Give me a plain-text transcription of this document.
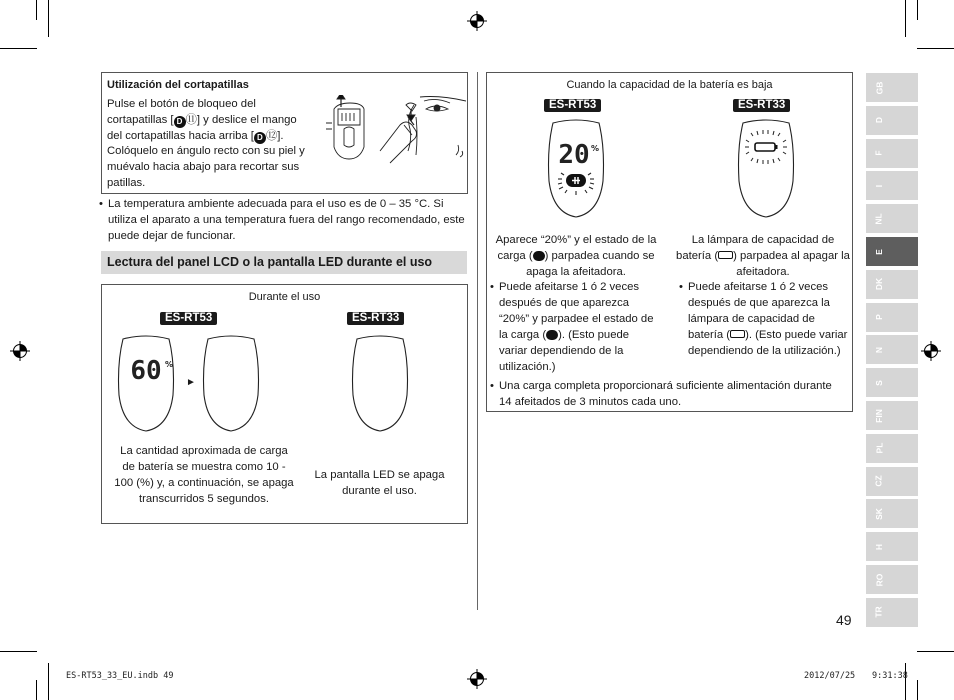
Utilización del cortapatillas
Pulse el botón de bloqueo del cortapatillas [ D ⑪] y deslice el mango del cortapatillas hacia arriba [ D ⑫]. Colóquelo en ángulo recto con su piel y muévalo hacia abajo para recortar sus patillas.
• La temperatura ambiente adecuada para el uso es de 0 – 35 °C. Si utiliza el aparato a una temperatura fuera del rango recomendado, este puede dejar de funcionar.
Lectura del panel LCD o la pantalla LED durante el uso
Durante el uso
ES-RT53	ES-RT33
60 %
►
La cantidad aproximada de carga de batería se muestra como 10 - 100 (%) y, a continuación, se apaga transcurridos 5 segundos.
La pantalla LED se apaga durante el uso.
Cuando la capacidad de la batería es baja
ES-RT53	ES-RT33
20 %
Aparece “20%” y el estado de la carga ( ) parpadea cuando se apaga la afeitadora.
• Puede afeitarse 1 ó 2 veces después de que aparezca “20%” y parpadee el estado de la carga ( ). (Esto puede variar dependiendo de la utilización.)
La lámpara de capacidad de batería ( ) parpadea al apagar la afeitadora.
• Puede afeitarse 1 ó 2 veces después de que aparezca la lámpara de capacidad de batería ( ). (Esto puede variar dependiendo de la utilización.)
• Una carga completa proporcionará suficiente alimentación durante 14 afeitados de 3 minutos cada uno.
GB
D
F
I
NL
E
DK
P
N
S
FIN
PL
CZ
SK
H
RO
TR
49
ES-RT53_33_EU.indb 49	2012/07/25 9:31:38
